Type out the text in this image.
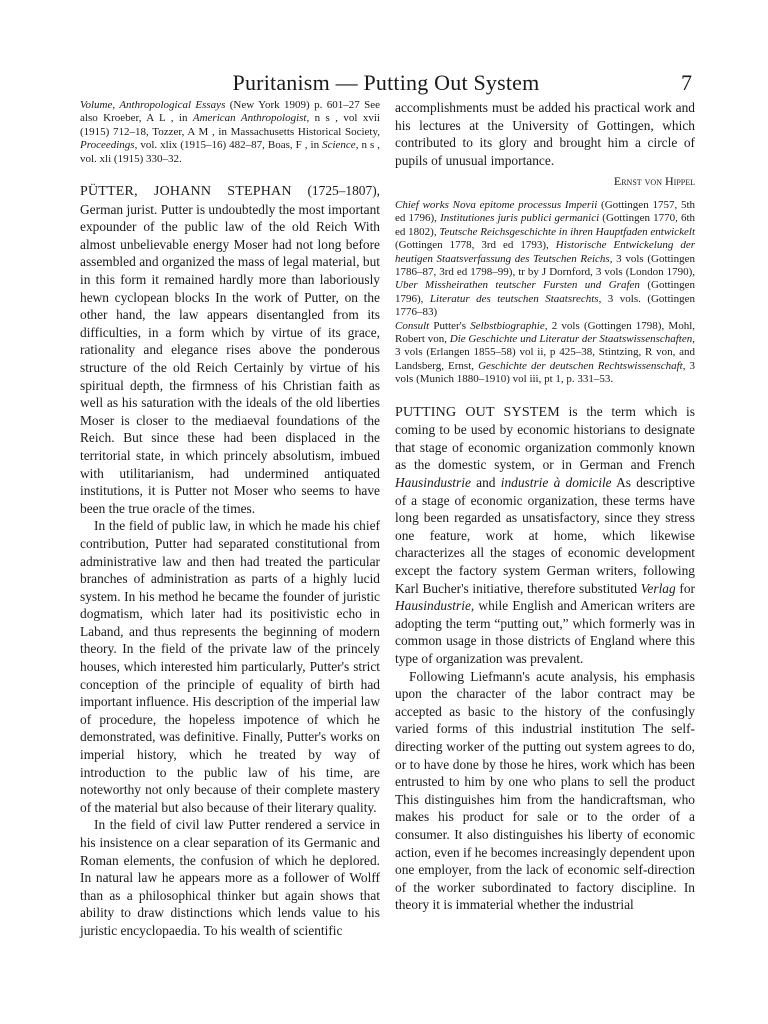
Puritanism — Putting Out System	7

Volume, Anthropological Essays (New York 1909) p. 601–27 See also Kroeber, A L , in American Anthropologist, n s , vol xvii (1915) 712–18, Tozzer, A M , in Massachusetts Historical Society, Proceedings, vol. xlix (1915–16) 482–87, Boas, F , in Science, n s , vol. xli (1915) 330–32.

PÜTTER, JOHANN STEPHAN (1725–1807), German jurist. Putter is undoubtedly the most important expounder of the public law of the old Reich With almost unbelievable energy Moser had not long before assembled and organized the mass of legal material, but in this form it remained hardly more than laboriously hewn cyclopean blocks In the work of Putter, on the other hand, the law appears disentangled from its difficulties, in a form which by virtue of its grace, rationality and elegance rises above the ponderous structure of the old Reich Certainly by virtue of his spiritual depth, the firmness of his Christian faith as well as his saturation with the ideals of the old liberties Moser is closer to the mediaeval foundations of the Reich. But since these had been displaced in the territorial state, in which princely absolutism, imbued with utilitarianism, had undermined antiquated institutions, it is Putter not Moser who seems to have been the true oracle of the times.

In the field of public law, in which he made his chief contribution, Putter had separated constitutional from administrative law and then had treated the particular branches of administration as parts of a highly lucid system. In his method he became the founder of juristic dogmatism, which later had its positivistic echo in Laband, and thus represents the beginning of modern theory. In the field of the private law of the princely houses, which interested him particularly, Putter's strict conception of the principle of equality of birth had important influence. His description of the imperial law of procedure, the hopeless impotence of which he demonstrated, was definitive. Finally, Putter's works on imperial history, which he treated by way of introduction to the public law of his time, are noteworthy not only because of their complete mastery of the material but also because of their literary quality.

In the field of civil law Putter rendered a service in his insistence on a clear separation of its Germanic and Roman elements, the confusion of which he deplored. In natural law he appears more as a follower of Wolff than as a philosophical thinker but again shows that ability to draw distinctions which lends value to his juristic encyclopaedia. To his wealth of scientific

accomplishments must be added his practical work and his lectures at the University of Gottingen, which contributed to its glory and brought him a circle of pupils of unusual importance.

Ernst von Hippel

Chief works Nova epitome processus Imperii (Gottingen 1757, 5th ed 1796), Institutiones juris publici germanici (Gottingen 1770, 6th ed 1802), Teutsche Reichsgeschichte in ihren Hauptfaden entwickelt (Gottingen 1778, 3rd ed 1793), Historische Entwickelung der heutigen Staatsverfassung des Teutschen Reichs, 3 vols (Gottingen 1786–87, 3rd ed 1798–99), tr by J Dornford, 3 vols (London 1790), Uber Missheirathen teutscher Fursten und Grafen (Gottingen 1796), Literatur des teutschen Staatsrechts, 3 vols. (Gottingen 1776–83)

Consult Putter's Selbstbiographie, 2 vols (Gottingen 1798), Mohl, Robert von, Die Geschichte und Literatur der Staatswissenschaften, 3 vols (Erlangen 1855–58) vol ii, p 425–38, Stintzing, R von, and Landsberg, Ernst, Geschichte der deutschen Rechtswissenschaft, 3 vols (Munich 1880–1910) vol iii, pt 1, p. 331–53.

PUTTING OUT SYSTEM is the term which is coming to be used by economic historians to designate that stage of economic organization commonly known as the domestic system, or in German and French Hausindustrie and industrie à domicile As descriptive of a stage of economic organization, these terms have long been regarded as unsatisfactory, since they stress one feature, work at home, which likewise characterizes all the stages of economic development except the factory system German writers, following Karl Bucher's initiative, therefore substituted Verlag for Hausindustrie, while English and American writers are adopting the term “putting out,” which formerly was in common usage in those districts of England where this type of organization was prevalent.

Following Liefmann's acute analysis, his emphasis upon the character of the labor contract may be accepted as basic to the history of the confusingly varied forms of this industrial institution The self-directing worker of the putting out system agrees to do, or to have done by those he hires, work which has been entrusted to him by one who plans to sell the product This distinguishes him from the handicraftsman, who makes his product for sale or to the order of a consumer. It also distinguishes his liberty of economic action, even if he becomes increasingly dependent upon one employer, from the lack of economic self-direction of the worker subordinated to factory discipline. In theory it is immaterial whether the industrial
